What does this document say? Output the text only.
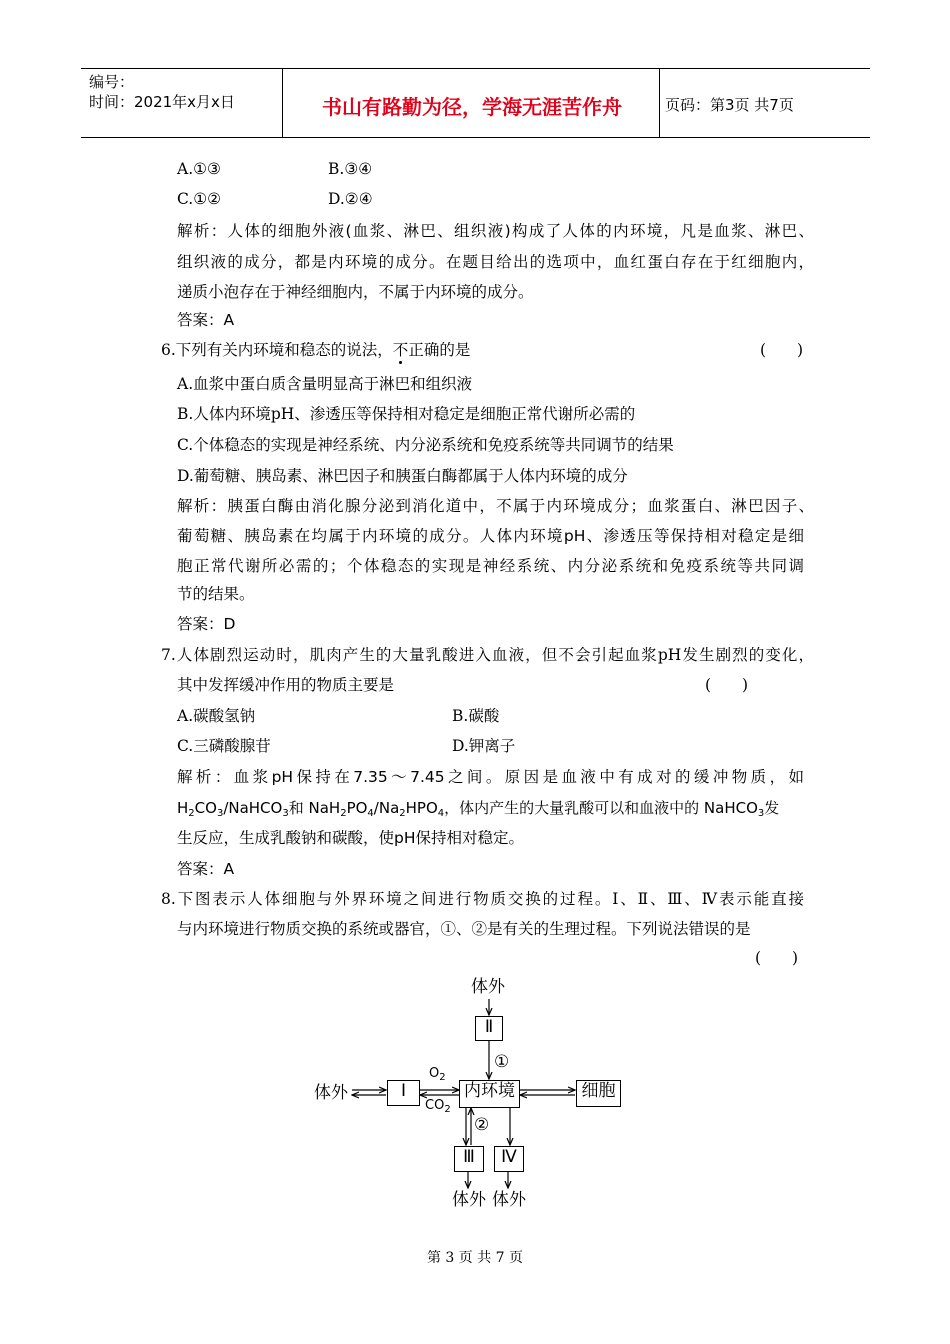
编号：
时间：2021年x月x日	书山有路勤为径，学海无涯苦作舟	页码：第3页 共7页
A.①③	B.③④
C.①②	D.②④
解析：人体的细胞外液(血浆、淋巴、组织液)构成了人体的内环境，凡是血浆、淋巴、
组织液的成分，都是内环境的成分。在题目给出的选项中，血红蛋白存在于红细胞内，
递质小泡存在于神经细胞内，不属于内环境的成分。
答案：A
6.下列有关内环境和稳态的说法，不正确的是	(　　)
A.血浆中蛋白质含量明显高于淋巴和组织液
B.人体内环境pH、渗透压等保持相对稳定是细胞正常代谢所必需的
C.个体稳态的实现是神经系统、内分泌系统和免疫系统等共同调节的结果
D.葡萄糖、胰岛素、淋巴因子和胰蛋白酶都属于人体内环境的成分
解析：胰蛋白酶由消化腺分泌到消化道中，不属于内环境成分；血浆蛋白、淋巴因子、
葡萄糖、胰岛素在均属于内环境的成分。人体内环境pH、渗透压等保持相对稳定是细
胞正常代谢所必需的；个体稳态的实现是神经系统、内分泌系统和免疫系统等共同调
节的结果。
答案：D
7.人体剧烈运动时，肌肉产生的大量乳酸进入血液，但不会引起血浆pH发生剧烈的变化，
其中发挥缓冲作用的物质主要是	(　　)
A.碳酸氢钠	B.碳酸
C.三磷酸腺苷	D.钾离子
解析：血浆pH保持在7.35～7.45之间。原因是血液中有成对的缓冲物质，如
$H_2CO_3/NaHCO_3$和 $NaH_2PO_4/Na_2HPO_4$，体内产生的大量乳酸可以和血液中的 NaHCO$_3$发
生反应，生成乳酸钠和碳酸，使pH保持相对稳定。
答案：A
8.下图表示人体细胞与外界环境之间进行物质交换的过程。Ⅰ、Ⅱ、Ⅲ、Ⅳ表示能直接
与内环境进行物质交换的系统或器官，①、②是有关的生理过程。下列说法错误的是
(　　)
体外
Ⅱ
①
体外	Ⅰ
$O_2$
$CO_2$
内环境	细胞
②
Ⅲ	Ⅳ
体外 体外
第 3 页 共 7 页
